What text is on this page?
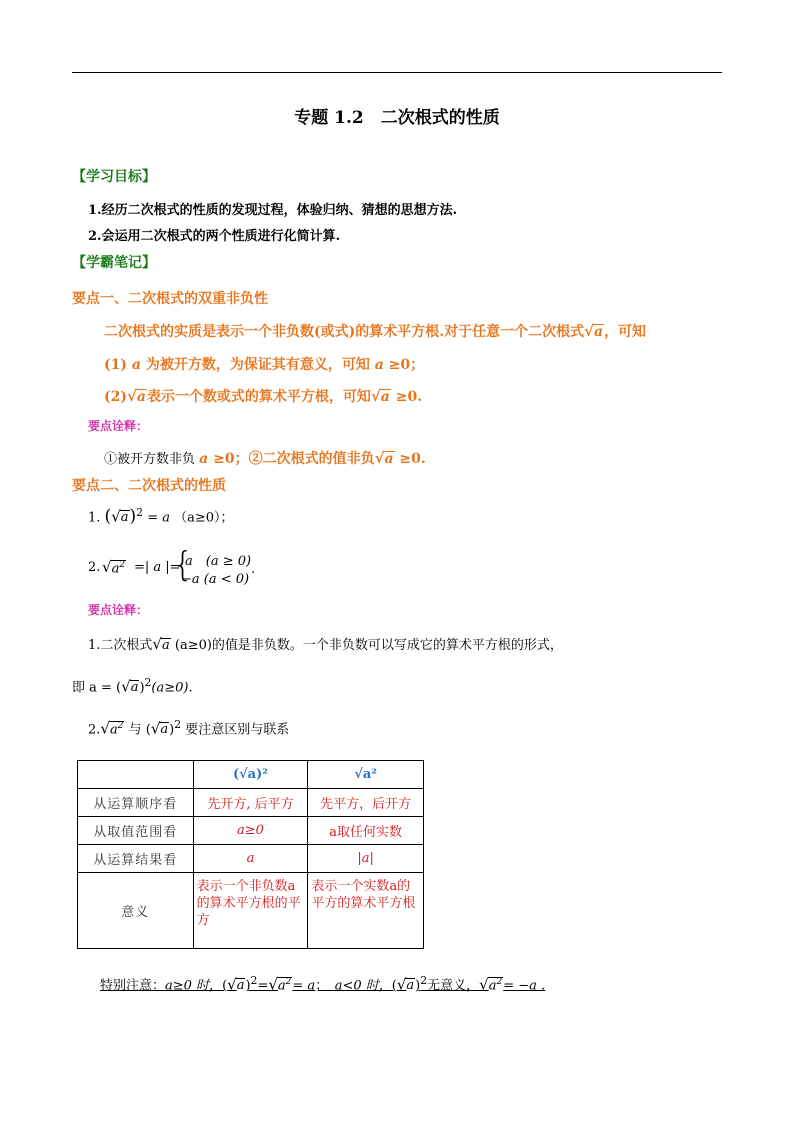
专题 1.2　二次根式的性质
【学习目标】
1.经历二次根式的性质的发现过程，体验归纳、猜想的思想方法.
2.会运用二次根式的两个性质进行化简计算.
【学霸笔记】
要点一、二次根式的双重非负性
二次根式的实质是表示一个非负数(或式)的算术平方根.对于任意一个二次根式√a，可知
(1) a 为被开方数，为保证其有意义，可知 a ≥0；
(2)√a表示一个数或式的算术平方根，可知√a ≥0.
要点诠释：
①被开方数非负 a ≥0；②二次根式的值非负√a ≥0.
要点二、二次根式的性质
1. $(√a)^2 = a$ （a≥0）；
2. $√a^2$ =| a |=
{
a　(a ≥ 0)
−a (a < 0)
.
要点诠释：
1.二次根式√a (a≥0)的值是非负数。一个非负数可以写成它的算术平方根的形式，
即 $a = (√a)^2(a\ge 0)$.
$2.√a^2$ 与 $(√a)^2$ 要注意区别与联系
	(√a)²	√a²
从运算顺序看	先开方, 后平方	先平方，后开方
从取值范围看	a≥0	a取任何实数
从运算结果看	a	|a|
意义	表示一个非负数a的算术平方根的平方	表示一个实数a的平方的算术平方根
特别注意：a≥0 时，$(√a)^2=√a^2= a$；　a<0 时，$(√a)^2$无意义，$√a^2= -a$ .
